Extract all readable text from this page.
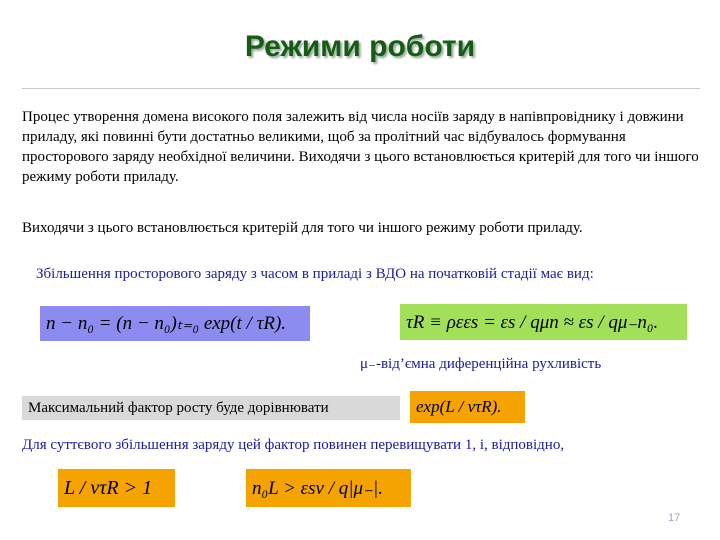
Режими роботи
Процес утворення домена високого поля залежить від числа носіїв заряду в напівпровіднику і довжини приладу, які повинні бути достатньо великими, щоб за пролітний час відбувалось формування просторового заряду необхідної величини. Виходячи з цього встановлюється критерій для того чи іншого режиму роботи приладу.
Виходячи з цього встановлюється критерій для того чи іншого режиму роботи приладу.
Збільшення просторового заряду з часом в приладі з ВДО на початковій стадії має вид:
n − n₀ = (n − n₀)ₜ₌₀ exp(t / τR).	τR ≡ ρεεs = εs / qμn ≈ εs / qμ₋n₀.
μ₋-від’ємна диференційна рухливість
Максимальний фактор росту буде дорівнювати	exp(L / vτR).
Для суттєвого збільшення заряду цей фактор повинен перевищувати 1, і, відповідно,
L / vτR > 1	n₀L > εsv / q|μ₋|.
17
